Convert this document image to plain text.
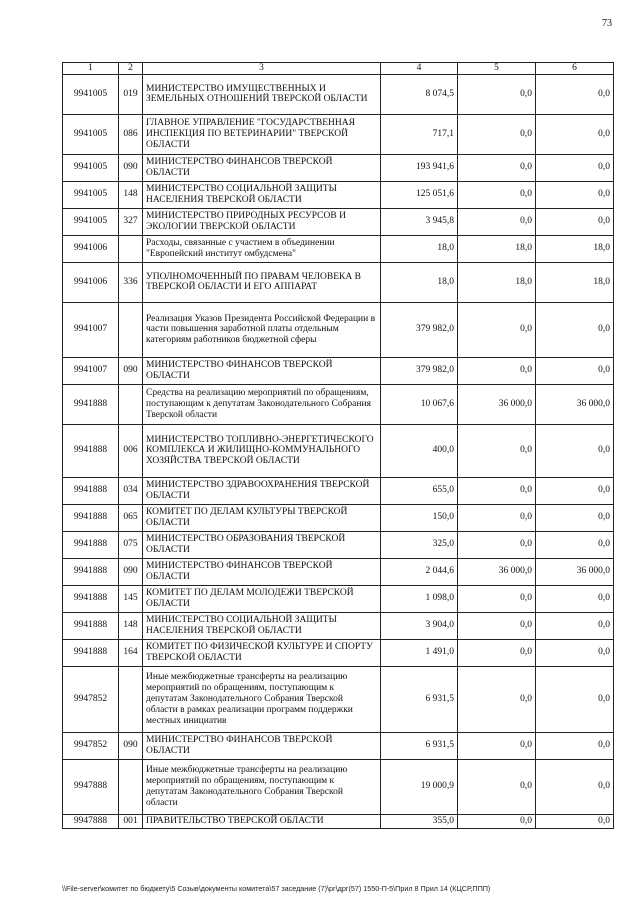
73
1	2	3	4	5	6
9941005	019	МИНИСТЕРСТВО ИМУЩЕСТВЕННЫХ И ЗЕМЕЛЬНЫХ ОТНОШЕНИЙ ТВЕРСКОЙ ОБЛАСТИ	8 074,5	0,0	0,0
9941005	086	ГЛАВНОЕ УПРАВЛЕНИЕ "ГОСУДАРСТВЕННАЯ ИНСПЕКЦИЯ ПО ВЕТЕРИНАРИИ" ТВЕРСКОЙ ОБЛАСТИ	717,1	0,0	0,0
9941005	090	МИНИСТЕРСТВО ФИНАНСОВ ТВЕРСКОЙ ОБЛАСТИ	193 941,6	0,0	0,0
9941005	148	МИНИСТЕРСТВО СОЦИАЛЬНОЙ ЗАЩИТЫ НАСЕЛЕНИЯ ТВЕРСКОЙ ОБЛАСТИ	125 051,6	0,0	0,0
9941005	327	МИНИСТЕРСТВО ПРИРОДНЫХ РЕСУРСОВ И ЭКОЛОГИИ ТВЕРСКОЙ ОБЛАСТИ	3 945,8	0,0	0,0
9941006		Расходы, связанные с участием в объединении "Европейский институт омбудсмена"	18,0	18,0	18,0
9941006	336	УПОЛНОМОЧЕННЫЙ ПО ПРАВАМ ЧЕЛОВЕКА В ТВЕРСКОЙ ОБЛАСТИ И ЕГО АППАРАТ	18,0	18,0	18,0
9941007		Реализация Указов Президента Российской Федерации в части повышения заработной платы отдельным категориям работников бюджетной сферы	379 982,0	0,0	0,0
9941007	090	МИНИСТЕРСТВО ФИНАНСОВ ТВЕРСКОЙ ОБЛАСТИ	379 982,0	0,0	0,0
9941888		Средства на реализацию мероприятий по обращениям, поступающим к депутатам Законодательного Собрания Тверской области	10 067,6	36 000,0	36 000,0
9941888	006	МИНИСТЕРСТВО ТОПЛИВНО-ЭНЕРГЕТИЧЕСКОГО КОМПЛЕКСА И ЖИЛИЩНО-КОММУНАЛЬНОГО ХОЗЯЙСТВА ТВЕРСКОЙ ОБЛАСТИ	400,0	0,0	0,0
9941888	034	МИНИСТЕРСТВО ЗДРАВООХРАНЕНИЯ ТВЕРСКОЙ ОБЛАСТИ	655,0	0,0	0,0
9941888	065	КОМИТЕТ ПО ДЕЛАМ КУЛЬТУРЫ ТВЕРСКОЙ ОБЛАСТИ	150,0	0,0	0,0
9941888	075	МИНИСТЕРСТВО ОБРАЗОВАНИЯ ТВЕРСКОЙ ОБЛАСТИ	325,0	0,0	0,0
9941888	090	МИНИСТЕРСТВО ФИНАНСОВ ТВЕРСКОЙ ОБЛАСТИ	2 044,6	36 000,0	36 000,0
9941888	145	КОМИТЕТ ПО ДЕЛАМ МОЛОДЕЖИ ТВЕРСКОЙ ОБЛАСТИ	1 098,0	0,0	0,0
9941888	148	МИНИСТЕРСТВО СОЦИАЛЬНОЙ ЗАЩИТЫ НАСЕЛЕНИЯ ТВЕРСКОЙ ОБЛАСТИ	3 904,0	0,0	0,0
9941888	164	КОМИТЕТ ПО ФИЗИЧЕСКОЙ КУЛЬТУРЕ И СПОРТУ ТВЕРСКОЙ ОБЛАСТИ	1 491,0	0,0	0,0
9947852		Иные межбюджетные трансферты на реализацию мероприятий по обращениям, поступающим к депутатам Законодательного Собрания Тверской области в рамках реализации программ поддержки местных инициатив	6 931,5	0,0	0,0
9947852	090	МИНИСТЕРСТВО ФИНАНСОВ ТВЕРСКОЙ ОБЛАСТИ	6 931,5	0,0	0,0
9947888		Иные межбюджетные трансферты на реализацию мероприятий по обращениям, поступающим к депутатам Законодательного Собрания Тверской области	19 000,9	0,0	0,0
9947888	001	ПРАВИТЕЛЬСТВО ТВЕРСКОЙ ОБЛАСТИ	355,0	0,0	0,0
\\File-server\комитет по бюджету\5 Созыв\документы комитета\57 заседание (7)\рг\дрг(57) 1550-П-5\Прил 8 Прил 14 (КЦСР,ППП)
